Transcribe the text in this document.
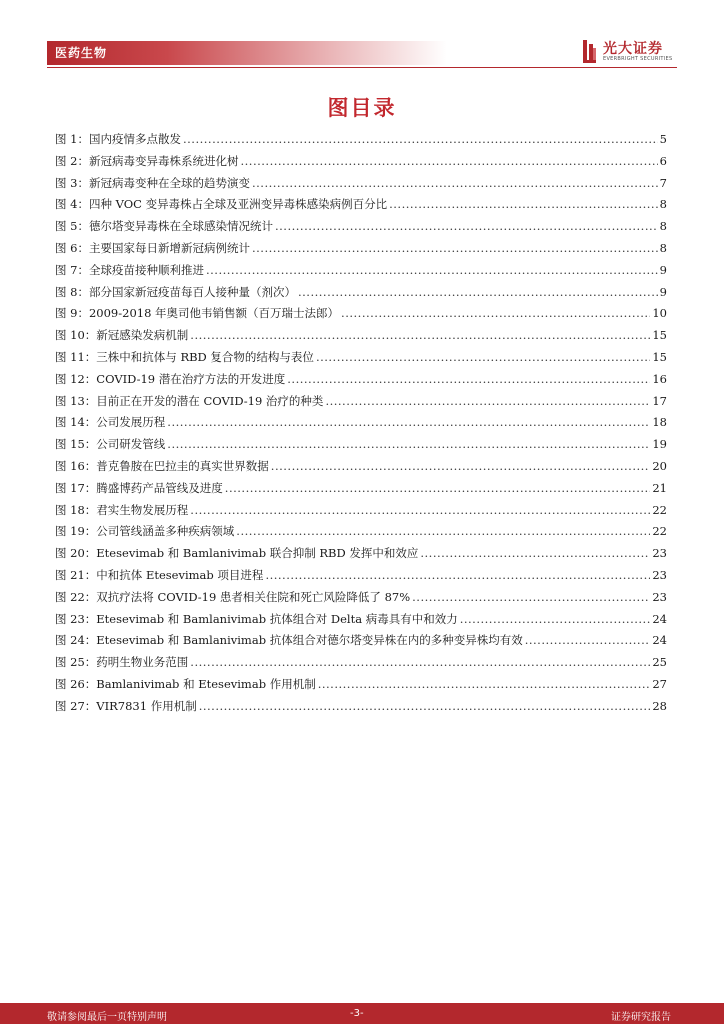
医药生物	光大证券
EVERBRIGHT SECURITIES
图目录
图 1：国内疫情多点散发 .....	5
图 2：新冠病毒变异毒株系统进化树 .....	6
图 3：新冠病毒变种在全球的趋势演变 .....	7
图 4：四种 VOC 变异毒株占全球及亚洲变异毒株感染病例百分比 .....	8
图 5：德尔塔变异毒株在全球感染情况统计 .....	8
图 6：主要国家每日新增新冠病例统计 .....	8
图 7：全球疫苗接种顺利推进 .....	9
图 8：部分国家新冠疫苗每百人接种量（剂次） .....	9
图 9：2009-2018 年奥司他韦销售额（百万瑞士法郎） .....	10
图 10：新冠感染发病机制 .....	15
图 11：三株中和抗体与 RBD 复合物的结构与表位 .....	15
图 12：COVID-19 潜在治疗方法的开发进度 .....	16
图 13：目前正在开发的潜在 COVID-19 治疗的种类 .....	17
图 14：公司发展历程 .....	18
图 15：公司研发管线 .....	19
图 16：普克鲁胺在巴拉圭的真实世界数据 .....	20
图 17：腾盛博药产品管线及进度 .....	21
图 18：君实生物发展历程 .....	22
图 19：公司管线涵盖多种疾病领域 .....	22
图 20：Etesevimab 和 Bamlanivimab 联合抑制 RBD 发挥中和效应 .....	23
图 21：中和抗体 Etesevimab 项目进程 .....	23
图 22：双抗疗法将 COVID-19 患者相关住院和死亡风险降低了 87% .....	23
图 23：Etesevimab 和 Bamlanivimab 抗体组合对 Delta 病毒具有中和效力 .....	24
图 24：Etesevimab 和 Bamlanivimab 抗体组合对德尔塔变异株在内的多种变异株均有效 .....	24
图 25：药明生物业务范围 .....	25
图 26：Bamlanivimab 和 Etesevimab 作用机制 .....	27
图 27：VIR7831 作用机制 .....	28
敬请参阅最后一页特别声明	-3-	证券研究报告
